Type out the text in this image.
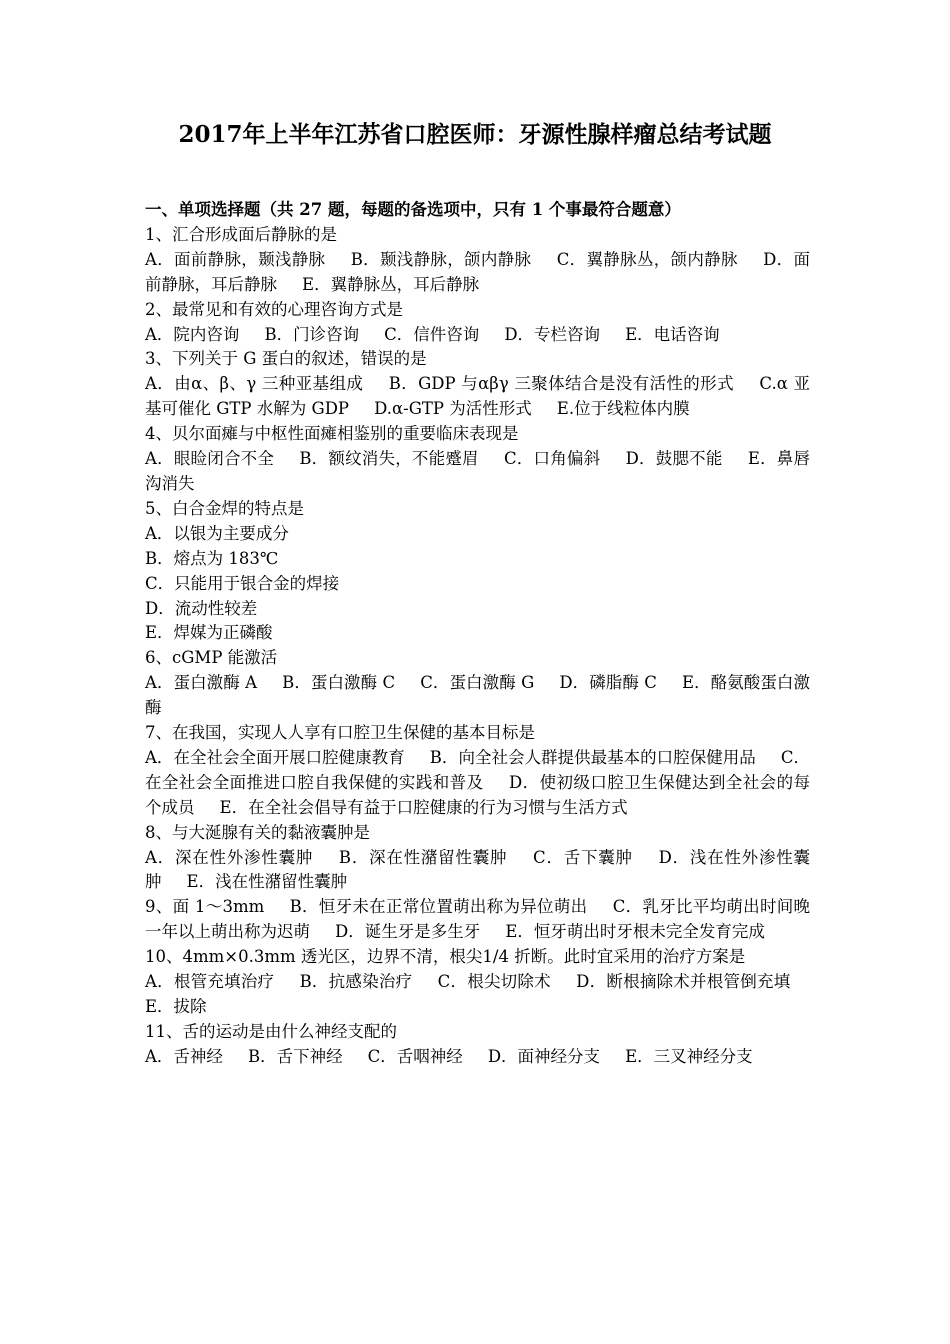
2017年上半年江苏省口腔医师：牙源性腺样瘤总结考试题
一、单项选择题（共 27 题，每题的备选项中，只有 1 个事最符合题意）
1、汇合形成面后静脉的是
A．面前静脉，颞浅静脉 B．颞浅静脉，颌内静脉 C．翼静脉丛，颌内静脉 D．面前静脉，耳后静脉 E．翼静脉丛，耳后静脉
2、最常见和有效的心理咨询方式是
A．院内咨询 B．门诊咨询 C．信件咨询 D．专栏咨询 E．电话咨询
3、下列关于 G 蛋白的叙述，错误的是
A．由α、β、γ 三种亚基组成 B．GDP 与αβγ 三聚体结合是没有活性的形式 C.α 亚基可催化 GTP 水解为 GDP D.α-GTP 为活性形式 E.位于线粒体内膜
4、贝尔面瘫与中枢性面瘫相鉴别的重要临床表现是
A．眼睑闭合不全 B．额纹消失，不能蹙眉 C．口角偏斜 D．鼓腮不能 E．鼻唇沟消失
5、白合金焊的特点是
A．以银为主要成分
B．熔点为 183℃
C．只能用于银合金的焊接
D．流动性较差
E．焊媒为正磷酸
6、cGMP 能激活
A．蛋白激酶 A B．蛋白激酶 C C．蛋白激酶 G D．磷脂酶 C E．酪氨酸蛋白激酶
7、在我国，实现人人享有口腔卫生保健的基本目标是
A．在全社会全面开展口腔健康教育 B．向全社会人群提供最基本的口腔保健用品 C．在全社会全面推进口腔自我保健的实践和普及 D．使初级口腔卫生保健达到全社会的每个成员 E．在全社会倡导有益于口腔健康的行为习惯与生活方式
8、与大涎腺有关的黏液囊肿是
A．深在性外渗性囊肿 B．深在性潴留性囊肿 C．舌下囊肿 D．浅在性外渗性囊肿 E．浅在性潴留性囊肿
9、面 1～3mm B．恒牙未在正常位置萌出称为异位萌出 C．乳牙比平均萌出时间晚一年以上萌出称为迟萌 D．诞生牙是多生牙 E．恒牙萌出时牙根未完全发育完成
10、4mm×0.3mm 透光区，边界不清，根尖1/4 折断。此时宜采用的治疗方案是
A．根管充填治疗 B．抗感染治疗 C．根尖切除术 D．断根摘除术并根管倒充填 E．拔除
11、舌的运动是由什么神经支配的
A．舌神经 B．舌下神经 C．舌咽神经 D．面神经分支 E．三叉神经分支
